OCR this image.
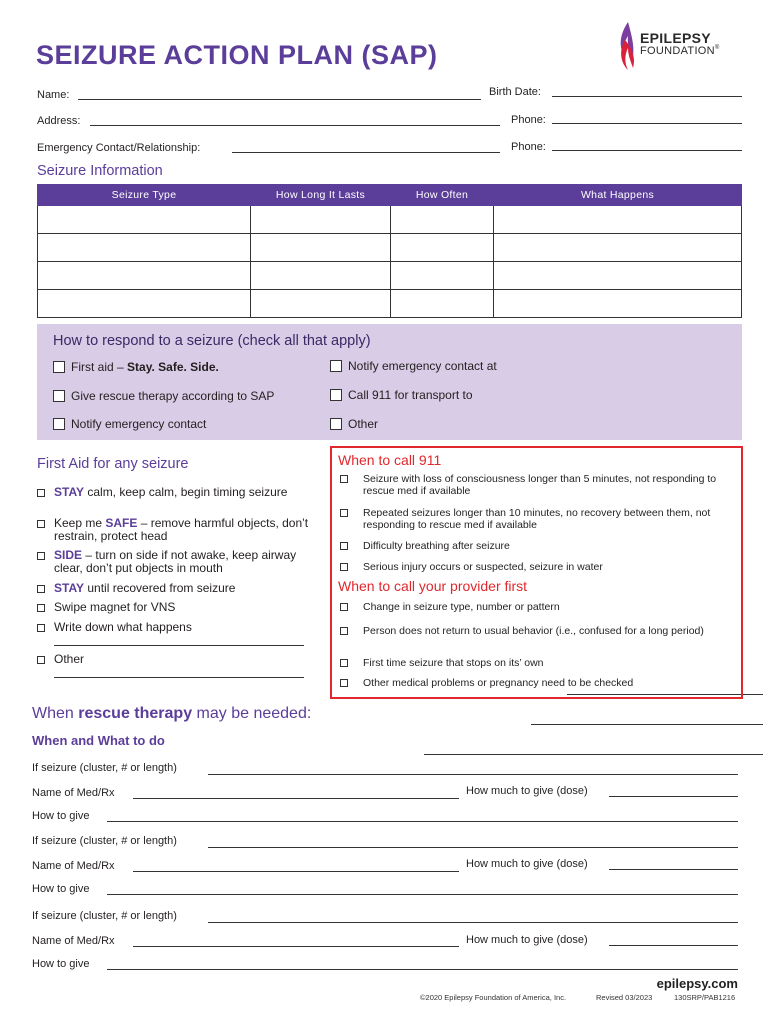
SEIZURE ACTION PLAN (SAP)
EPILEPSY
FOUNDATION®
Name:	Birth Date:
Address:	Phone:
Emergency Contact/Relationship:	Phone:
Seizure Information
Seizure Type	How Long It Lasts	How Often	What Happens

How to respond to a seizure (check all that apply)
First aid – Stay. Safe. Side.
Give rescue therapy according to SAP
Notify emergency contact
Notify emergency contact at
Call 911 for transport to
Other
First Aid for any seizure
STAY calm, keep calm, begin timing seizure
Keep me SAFE – remove harmful objects, don’t restrain, protect head
SIDE – turn on side if not awake, keep airway clear, don’t put objects in mouth
STAY until recovered from seizure
Swipe magnet for VNS
Write down what happens
Other
When to call 911
Seizure with loss of consciousness longer than 5 minutes, not responding to rescue med if available
Repeated seizures longer than 10 minutes, no recovery between them, not responding to rescue med if available
Difficulty breathing after seizure
Serious injury occurs or suspected, seizure in water
When to call your provider first
Change in seizure type, number or pattern
Person does not return to usual behavior (i.e., confused for a long period)
First time seizure that stops on its’ own
Other medical problems or pregnancy need to be checked
When rescue therapy may be needed:
When and What to do
If seizure (cluster, # or length)
Name of Med/Rx	How much to give (dose)
How to give
If seizure (cluster, # or length)
Name of Med/Rx	How much to give (dose)
How to give
If seizure (cluster, # or length)
Name of Med/Rx	How much to give (dose)
How to give
epilepsy.com
©2020 Epilepsy Foundation of America, Inc.	Revised 03/2023	130SRP/PAB1216
